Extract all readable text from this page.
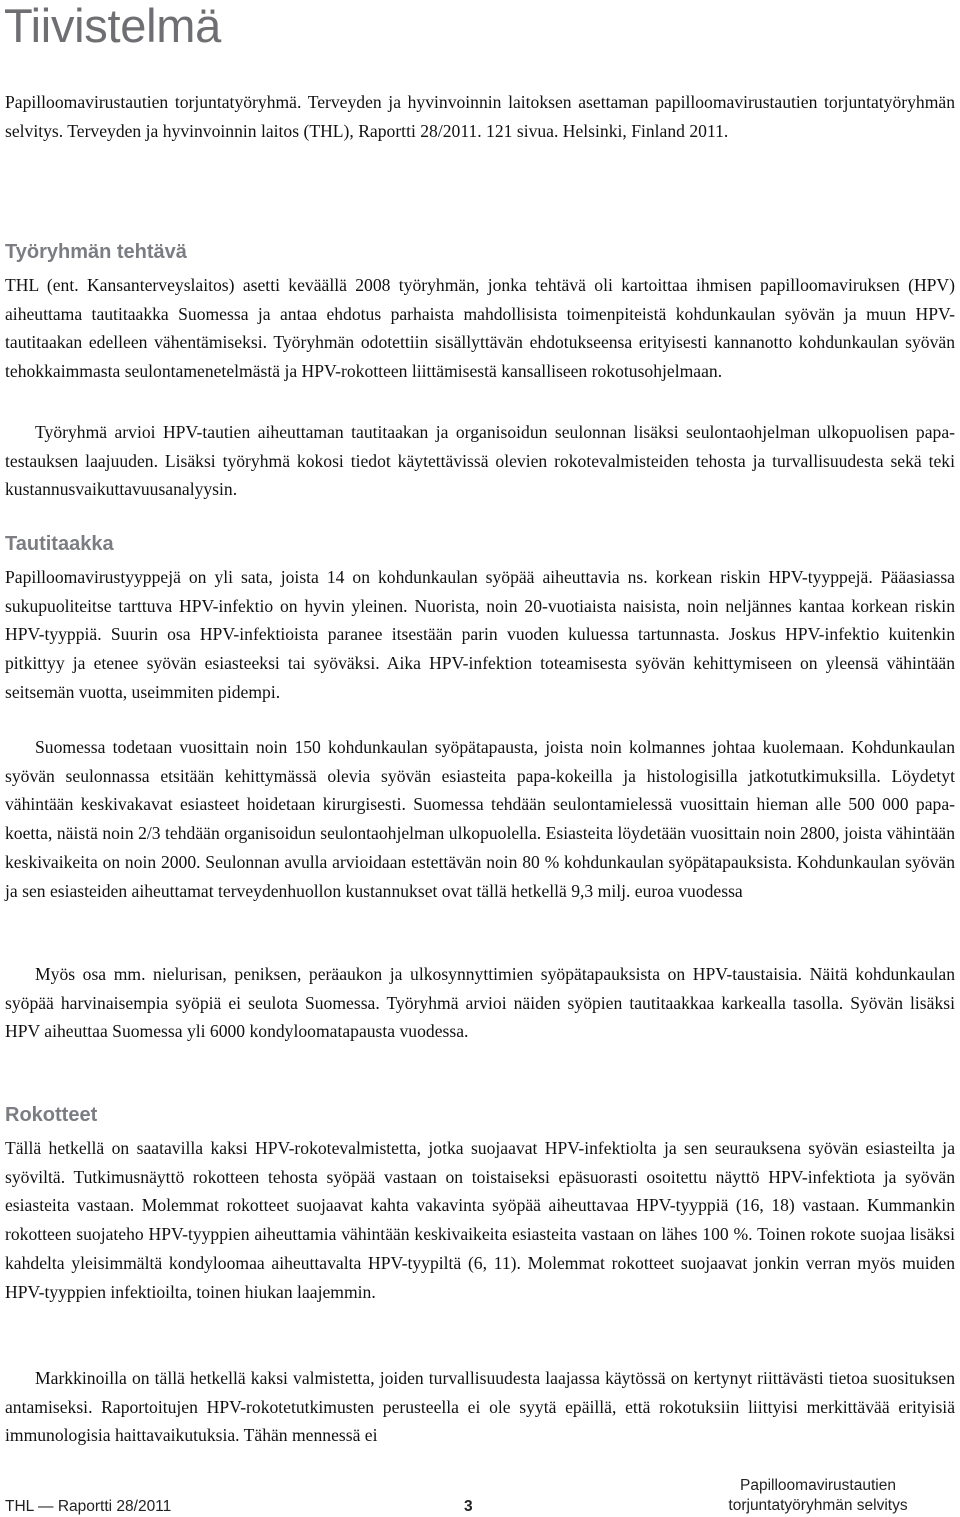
Tiivistelmä

Papilloomavirustautien torjuntatyöryhmä. Terveyden ja hyvinvoinnin laitoksen asettaman papilloomavirustautien torjuntatyöryhmän selvitys. Terveyden ja hyvinvoinnin laitos (THL), Raportti 28/2011. 121 sivua. Helsinki, Finland 2011.

Työryhmän tehtävä

THL (ent. Kansanterveyslaitos) asetti keväällä 2008 työryhmän, jonka tehtävä oli kartoittaa ihmisen papilloomaviruksen (HPV) aiheuttama tautitaakka Suomessa ja antaa ehdotus parhaista mahdollisista toimenpiteistä kohdunkaulan syövän ja muun HPV-tautitaakan edelleen vähentämiseksi. Työryhmän odotettiin sisällyttävän ehdotukseensa erityisesti kannanotto kohdunkaulan syövän tehokkaimmasta seulontamenetelmästä ja HPV-rokotteen liittämisestä kansalliseen rokotusohjelmaan.

Työryhmä arvioi HPV-tautien aiheuttaman tautitaakan ja organisoidun seulonnan lisäksi seulontaohjelman ulkopuolisen papa-testauksen laajuuden. Lisäksi työryhmä kokosi tiedot käytettävissä olevien rokotevalmisteiden tehosta ja turvallisuudesta sekä teki kustannusvaikuttavuusanalyysin.

Tautitaakka

Papilloomavirustyyppejä on yli sata, joista 14 on kohdunkaulan syöpää aiheuttavia ns. korkean riskin HPV-tyyppejä. Pääasiassa sukupuoliteitse tarttuva HPV-infektio on hyvin yleinen. Nuorista, noin 20-vuotiaista naisista, noin neljännes kantaa korkean riskin HPV-tyyppiä. Suurin osa HPV-infektioista paranee itsestään parin vuoden kuluessa tartunnasta. Joskus HPV-infektio kuitenkin pitkittyy ja etenee syövän esiasteeksi tai syöväksi. Aika HPV-infektion toteamisesta syövän kehittymiseen on yleensä vähintään seitsemän vuotta, useimmiten pidempi.

Suomessa todetaan vuosittain noin 150 kohdunkaulan syöpätapausta, joista noin kolmannes johtaa kuolemaan. Kohdunkaulan syövän seulonnassa etsitään kehittymässä olevia syövän esiasteita papa-kokeilla ja histologisilla jatkotutkimuksilla. Löydetyt vähintään keskivakavat esiasteet hoidetaan kirurgisesti. Suomessa tehdään seulontamielessä vuosittain hieman alle 500 000 papa-koetta, näistä noin 2/3 tehdään organisoidun seulontaohjelman ulkopuolella. Esiasteita löydetään vuosittain noin 2800, joista vähintään keskivaikeita on noin 2000. Seulonnan avulla arvioidaan estettävän noin 80 % kohdunkaulan syöpätapauksista. Kohdunkaulan syövän ja sen esiasteiden aiheuttamat terveydenhuollon kustannukset ovat tällä hetkellä 9,3 milj. euroa vuodessa

Myös osa mm. nielurisan, peniksen, peräaukon ja ulkosynnyttimien syöpätapauksista on HPV-taustaisia. Näitä kohdunkaulan syöpää harvinaisempia syöpiä ei seulota Suomessa. Työryhmä arvioi näiden syöpien tautitaakkaa karkealla tasolla. Syövän lisäksi HPV aiheuttaa Suomessa yli 6000 kondyloomatapausta vuodessa.

Rokotteet

Tällä hetkellä on saatavilla kaksi HPV-rokotevalmistetta, jotka suojaavat HPV-infektiolta ja sen seurauksena syövän esiasteilta ja syöviltä. Tutkimusnäyttö rokotteen tehosta syöpää vastaan on toistaiseksi epäsuorasti osoitettu näyttö HPV-infektiota ja syövän esiasteita vastaan. Molemmat rokotteet suojaavat kahta vakavinta syöpää aiheuttavaa HPV-tyyppiä (16, 18) vastaan. Kummankin rokotteen suojateho HPV-tyyppien aiheuttamia vähintään keskivaikeita esiasteita vastaan on lähes 100 %. Toinen rokote suojaa lisäksi kahdelta yleisimmältä kondyloomaa aiheuttavalta HPV-tyypiltä (6, 11). Molemmat rokotteet suojaavat jonkin verran myös muiden HPV-tyyppien infektioilta, toinen hiukan laajemmin.

Markkinoilla on tällä hetkellä kaksi valmistetta, joiden turvallisuudesta laajassa käytössä on kertynyt riittävästi tietoa suosituksen antamiseksi. Raportoitujen HPV-rokotetutkimusten perusteella ei ole syytä epäillä, että rokotuksiin liittyisi merkittävää erityisiä immunologisia haittavaikutuksia. Tähän mennessä ei

THL — Raportti 28/2011	3
Papilloomavirustautien
torjuntatyöryhmän selvitys
